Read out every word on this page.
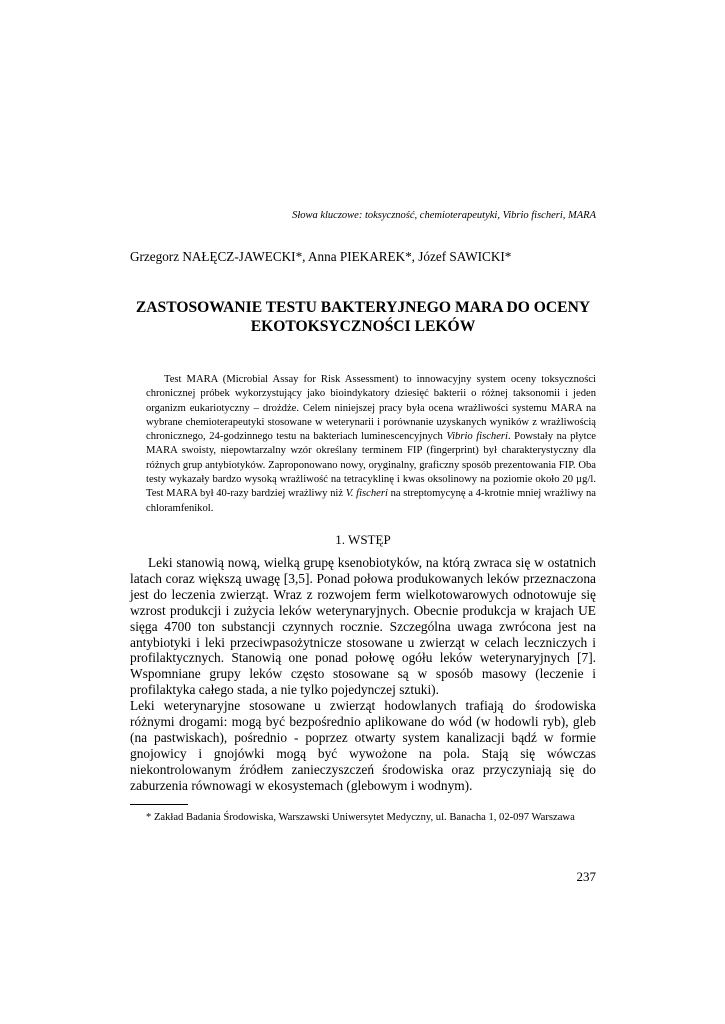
Słowa kluczowe: toksyczność, chemioterapeutyki, Vibrio fischeri, MARA
Grzegorz NAŁĘCZ-JAWECKI*, Anna PIEKAREK*, Józef SAWICKI*
ZASTOSOWANIE TESTU BAKTERYJNEGO MARA DO OCENY
EKOTOKSYCZNOŚCI LEKÓW

Test MARA (Microbial Assay for Risk Assessment) to innowacyjny system oceny toksyczności chronicznej próbek wykorzystujący jako bioindykatory dziesięć bakterii o różnej taksonomii i jeden organizm eukariotyczny – drożdże. Celem niniejszej pracy była ocena wrażliwości systemu MARA na wybrane chemioterapeutyki stosowane w weterynarii i porównanie uzyskanych wyników z wrażliwością chronicznego, 24-godzinnego testu na bakteriach luminescencyjnych Vibrio fischeri. Powstały na płytce MARA swoisty, niepowtarzalny wzór określany terminem FIP (fingerprint) był charakterystyczny dla różnych grup antybiotyków. Zaproponowano nowy, oryginalny, graficzny sposób prezentowania FIP. Oba testy wykazały bardzo wysoką wrażliwość na tetracyklinę i kwas oksolinowy na poziomie około 20 µg/l. Test MARA był 40-razy bardziej wrażliwy niż V. fischeri na streptomycynę a 4-krotnie mniej wrażliwy na chloramfenikol.

1. WSTĘP

Leki stanowią nową, wielką grupę ksenobiotyków, na którą zwraca się w ostatnich latach coraz większą uwagę [3,5]. Ponad połowa produkowanych leków przeznaczona jest do leczenia zwierząt. Wraz z rozwojem ferm wielkotowarowych odnotowuje się wzrost produkcji i zużycia leków weterynaryjnych. Obecnie produkcja w krajach UE sięga 4700 ton substancji czynnych rocznie. Szczególna uwaga zwrócona jest na antybiotyki i leki przeciwpasożytnicze stosowane u zwierząt w celach leczniczych i profilaktycznych. Stanowią one ponad połowę ogółu leków weterynaryjnych [7]. Wspomniane grupy leków często stosowane są w sposób masowy (leczenie i profilaktyka całego stada, a nie tylko pojedynczej sztuki).

Leki weterynaryjne stosowane u zwierząt hodowlanych trafiają do środowiska różnymi drogami: mogą być bezpośrednio aplikowane do wód (w hodowli ryb), gleb (na pastwiskach), pośrednio - poprzez otwarty system kanalizacji bądź w formie gnojowicy i gnojówki mogą być wywożone na pola. Stają się wówczas niekontrolowanym źródłem zanieczyszczeń środowiska oraz przyczyniają się do zaburzenia równowagi w ekosystemach (glebowym i wodnym).

* Zakład Badania Środowiska, Warszawski Uniwersytet Medyczny, ul. Banacha 1, 02-097 Warszawa
237
